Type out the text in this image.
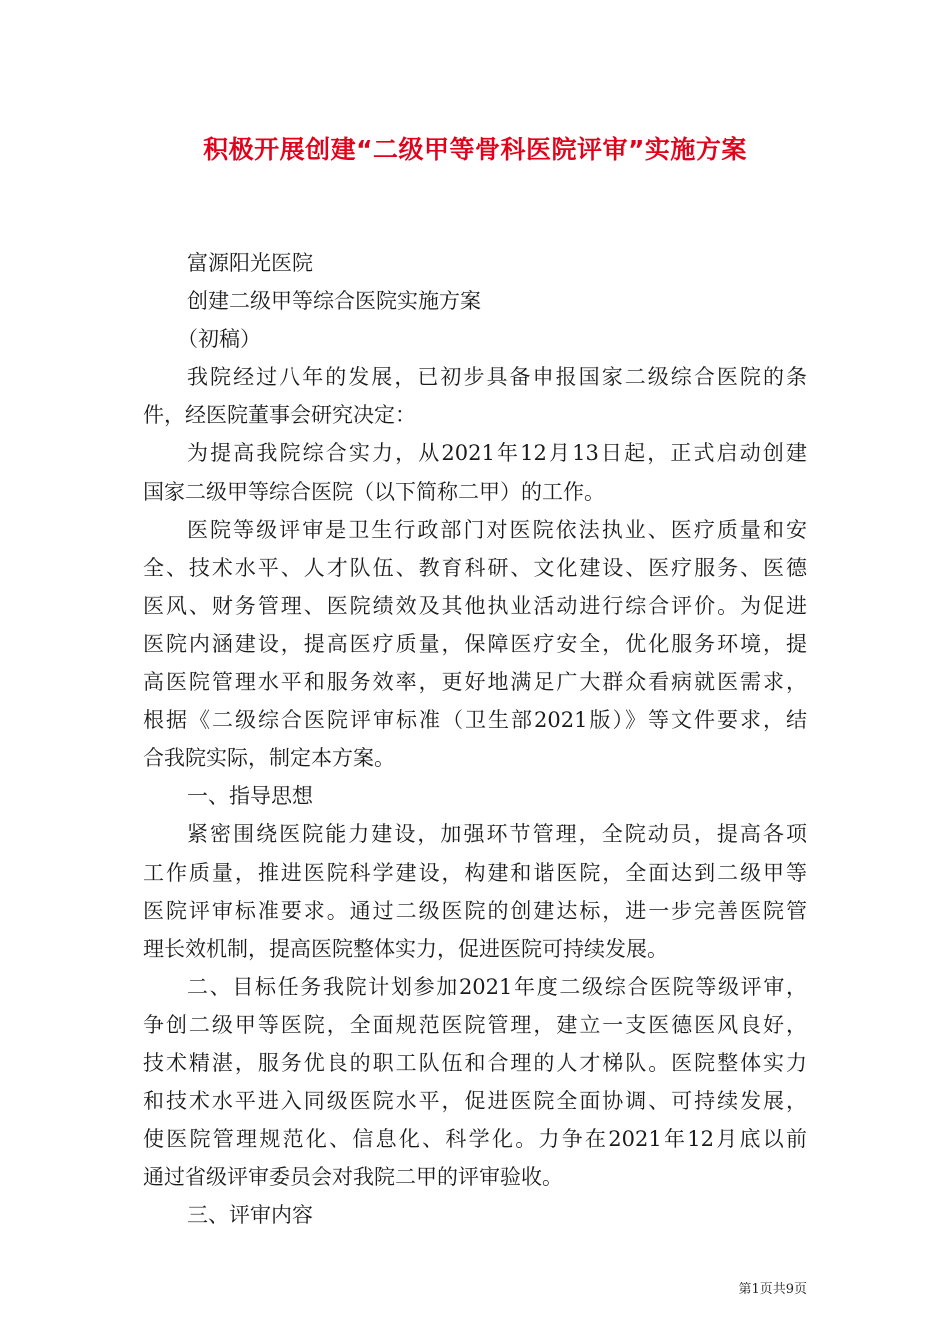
积极开展创建“二级甲等骨科医院评审”实施方案
富源阳光医院
创建二级甲等综合医院实施方案
（初稿）
我院经过八年的发展，已初步具备申报国家二级综合医院的条
件，经医院董事会研究决定：
为提高我院综合实力，从2021年12月13日起，正式启动创建
国家二级甲等综合医院（以下简称二甲）的工作。
医院等级评审是卫生行政部门对医院依法执业、医疗质量和安
全、技术水平、人才队伍、教育科研、文化建设、医疗服务、医德
医风、财务管理、医院绩效及其他执业活动进行综合评价。为促进
医院内涵建设，提高医疗质量，保障医疗安全，优化服务环境，提
高医院管理水平和服务效率，更好地满足广大群众看病就医需求，
根据《二级综合医院评审标准（卫生部2021版）》等文件要求，结
合我院实际，制定本方案。
一、指导思想
紧密围绕医院能力建设，加强环节管理，全院动员，提高各项
工作质量，推进医院科学建设，构建和谐医院，全面达到二级甲等
医院评审标准要求。通过二级医院的创建达标，进一步完善医院管
理长效机制，提高医院整体实力，促进医院可持续发展。
二、目标任务我院计划参加2021年度二级综合医院等级评审，
争创二级甲等医院，全面规范医院管理，建立一支医德医风良好，
技术精湛，服务优良的职工队伍和合理的人才梯队。医院整体实力
和技术水平进入同级医院水平，促进医院全面协调、可持续发展，
使医院管理规范化、信息化、科学化。力争在2021年12月底以前
通过省级评审委员会对我院二甲的评审验收。
三、评审内容
第1页共9页
